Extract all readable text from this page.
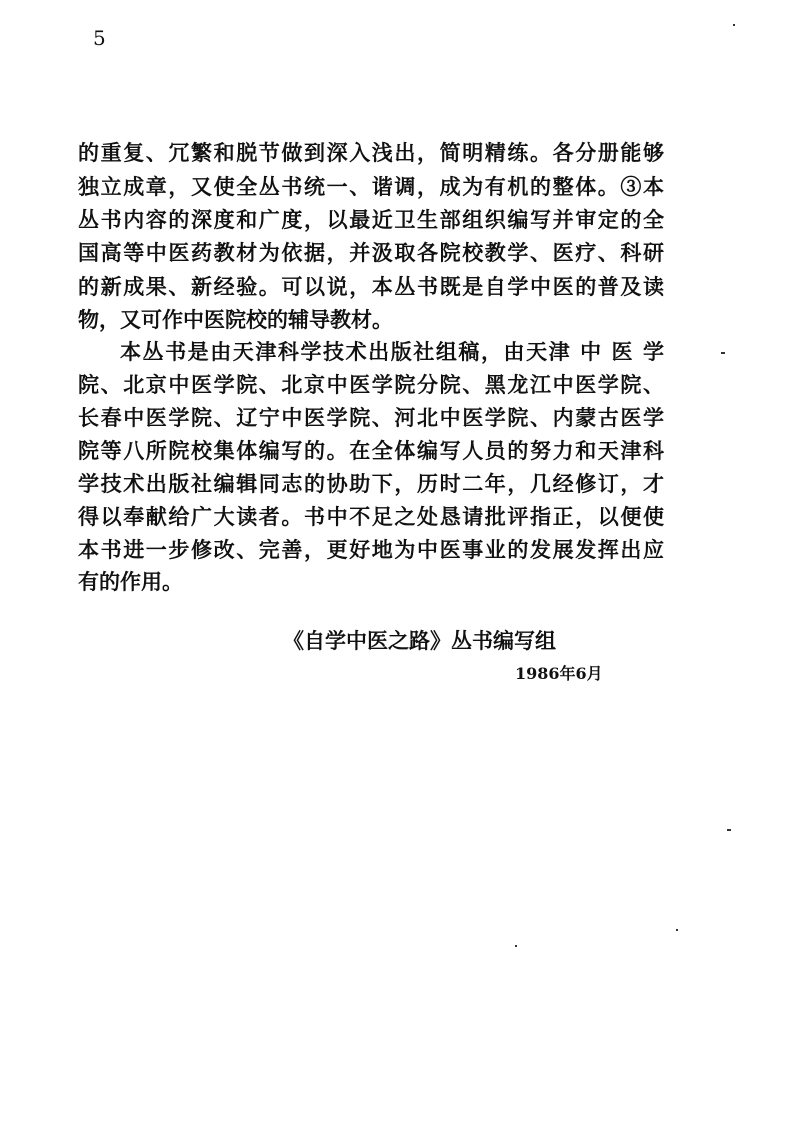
5
的重复、冗繁和脱节做到深入浅出，简明精练。各分册能够
独立成章，又使全丛书统一、谐调，成为有机的整体。③本
丛书内容的深度和广度，以最近卫生部组织编写并审定的全
国高等中医药教材为依据，并汲取各院校教学、医疗、科研
的新成果、新经验。可以说，本丛书既是自学中医的普及读
物，又可作中医院校的辅导教材。
本丛书是由天津科学技术出版社组稿，由天津 中 医 学
院、北京中医学院、北京中医学院分院、黑龙江中医学院、
长春中医学院、辽宁中医学院、河北中医学院、内蒙古医学
院等八所院校集体编写的。在全体编写人员的努力和天津科
学技术出版社编辑同志的协助下，历时二年，几经修订，才
得以奉献给广大读者。书中不足之处恳请批评指正，以便使
本书进一步修改、完善，更好地为中医事业的发展发挥出应
有的作用。
《自学中医之路》丛书编写组
1986年6月
